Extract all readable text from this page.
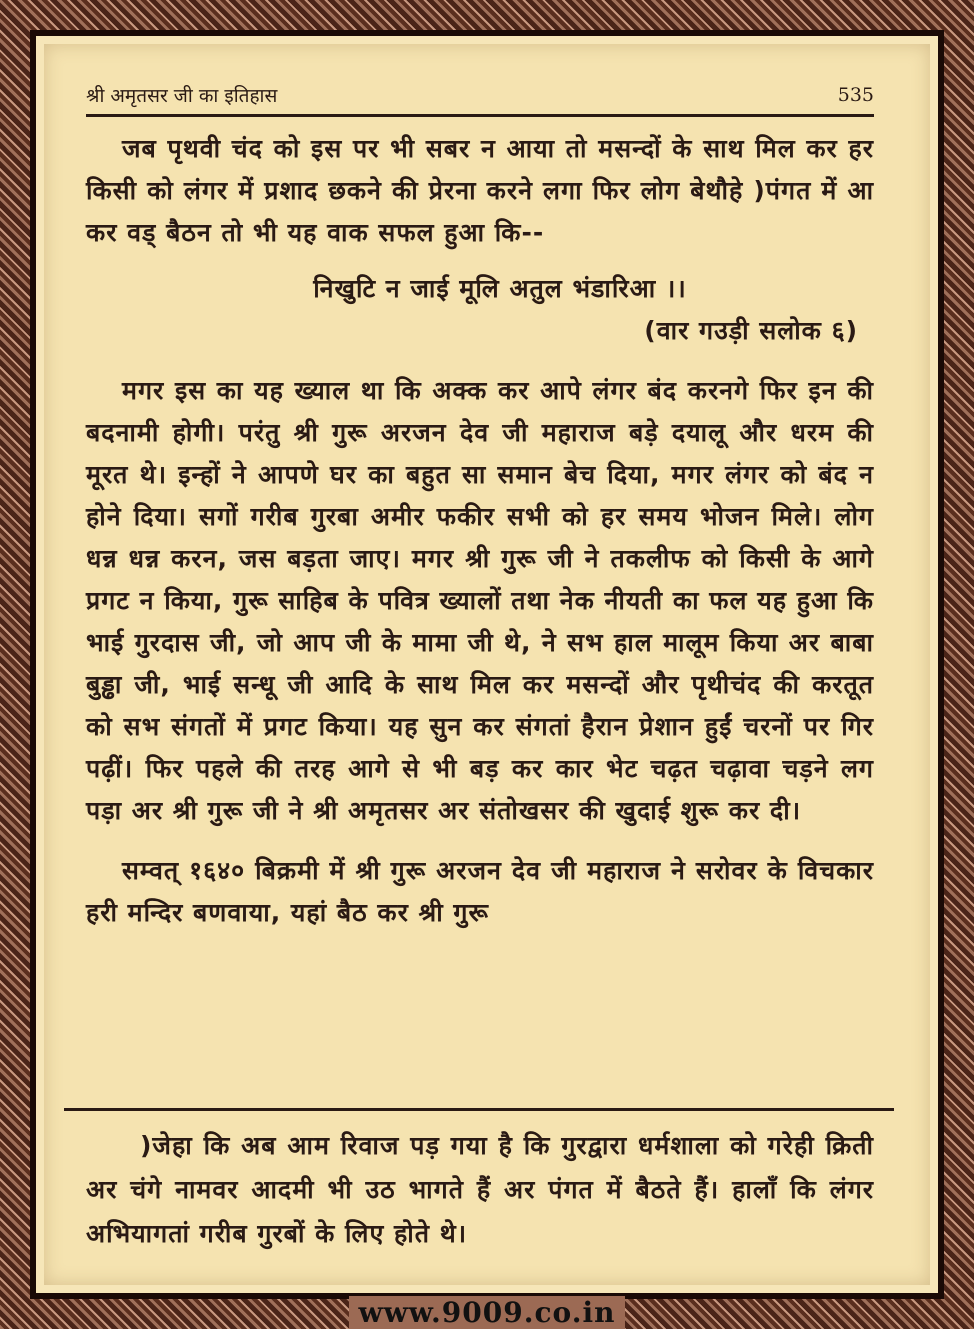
श्री अमृतसर जी का इतिहास	535

जब पृथवी चंद को इस पर भी सबर न आया तो मसन्दों के साथ मिल कर हर किसी को लंगर में प्रशाद छकने की प्रेरना करने लगा फिर लोग बेथौहे )पंगत में आ कर वड् बैठन तो भी यह वाक सफल हुआ कि--

निखुटि न जाई मूलि अतुल भंडारिआ ।।

(वार गउड़ी सलोक ६)

मगर इस का यह ख्याल था कि अक्क कर आपे लंगर बंद करनगे फिर इन की बदनामी होगी। परंतु श्री गुरू अरजन देव जी महाराज बड़े दयालू और धरम की मूरत थे। इन्हों ने आपणे घर का बहुत सा समान बेच दिया, मगर लंगर को बंद न होने दिया। सगों गरीब गुरबा अमीर फकीर सभी को हर समय भोजन मिले। लोग धन्न धन्न करन, जस बड़ता जाए। मगर श्री गुरू जी ने तकलीफ को किसी के आगे प्रगट न किया, गुरू साहिब के पवित्र ख्यालों तथा नेक नीयती का फल यह हुआ कि भाई गुरदास जी, जो आप जी के मामा जी थे, ने सभ हाल मालूम किया अर बाबा बुड्ढा जी, भाई सन्धू जी आदि के साथ मिल कर मसन्दों और पृथीचंद की करतूत को सभ संगतों में प्रगट किया। यह सुन कर संगतां हैरान प्रेशान हुईं चरनों पर गिर पढ़ीं। फिर पहले की तरह आगे से भी बड़ कर कार भेट चढ़त चढ़ावा चड़ने लग पड़ा अर श्री गुरू जी ने श्री अमृतसर अर संतोखसर की खुदाई शुरू कर दी।

सम्वत् १६४० बिक्रमी में श्री गुरू अरजन देव जी महाराज ने सरोवर के विचकार हरी मन्दिर बणवाया, यहां बैठ कर श्री गुरू

)जेहा कि अब आम रिवाज पड़ गया है कि गुरद्वारा धर्मशाला को गरेही क्रिती अर चंगे नामवर आदमी भी उठ भागते हैं अर पंगत में बैठते हैं। हालाँ कि लंगर अभियागतां गरीब गुरबों के लिए होते थे।

www.9009.co.in
